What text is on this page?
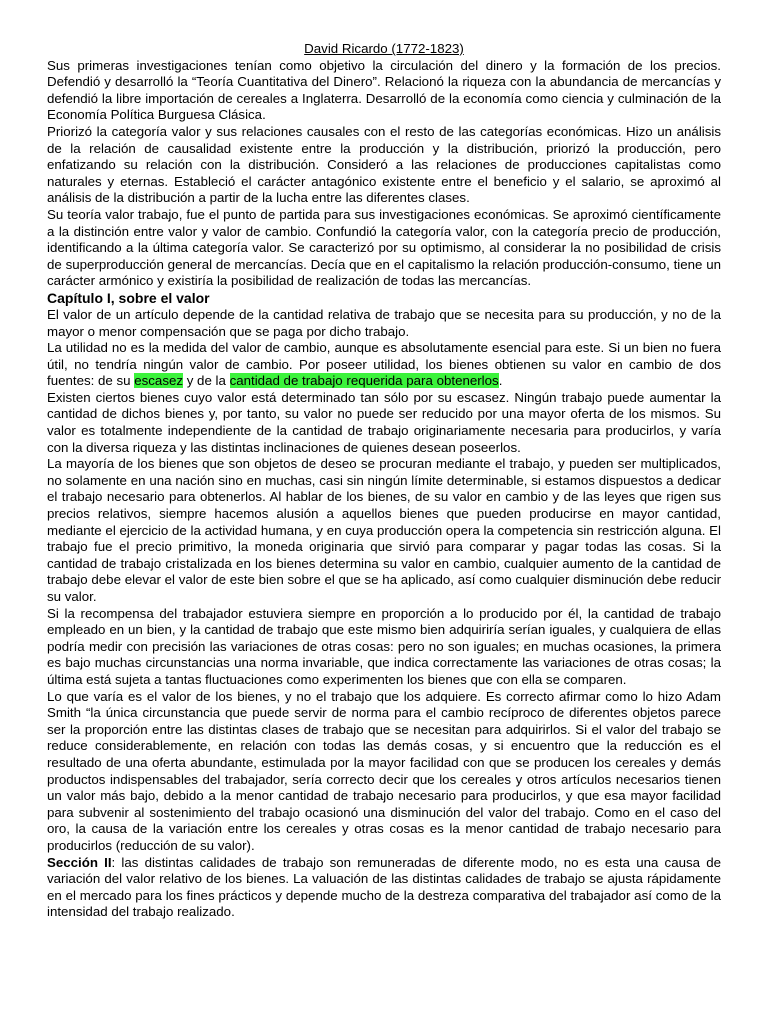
David Ricardo (1772-1823)

Sus primeras investigaciones tenían como objetivo la circulación del dinero y la formación de los precios. Defendió y desarrolló la “Teoría Cuantitativa del Dinero”. Relacionó la riqueza con la abundancia de mercancías y defendió la libre importación de cereales a Inglaterra. Desarrolló de la economía como ciencia y culminación de la Economía Política Burguesa Clásica.

Priorizó la categoría valor y sus relaciones causales con el resto de las categorías económicas. Hizo un análisis de la relación de causalidad existente entre la producción y la distribución, priorizó la producción, pero enfatizando su relación con la distribución. Consideró a las relaciones de producciones capitalistas como naturales y eternas. Estableció el carácter antagónico existente entre el beneficio y el salario, se aproximó al análisis de la distribución a partir de la lucha entre las diferentes clases.

Su teoría valor trabajo, fue el punto de partida para sus investigaciones económicas. Se aproximó científicamente a la distinción entre valor y valor de cambio. Confundió la categoría valor, con la categoría precio de producción, identificando a la última categoría valor. Se caracterizó por su optimismo, al considerar la no posibilidad de crisis de superproducción general de mercancías. Decía que en el capitalismo la relación producción-consumo, tiene un carácter armónico y existiría la posibilidad de realización de todas las mercancías.

Capítulo I, sobre el valor

El valor de un artículo depende de la cantidad relativa de trabajo que se necesita para su producción, y no de la mayor o menor compensación que se paga por dicho trabajo.

La utilidad no es la medida del valor de cambio, aunque es absolutamente esencial para este. Si un bien no fuera útil, no tendría ningún valor de cambio. Por poseer utilidad, los bienes obtienen su valor en cambio de dos fuentes: de su escasez y de la cantidad de trabajo requerida para obtenerlos.

Existen ciertos bienes cuyo valor está determinado tan sólo por su escasez. Ningún trabajo puede aumentar la cantidad de dichos bienes y, por tanto, su valor no puede ser reducido por una mayor oferta de los mismos. Su valor es totalmente independiente de la cantidad de trabajo originariamente necesaria para producirlos, y varía con la diversa riqueza y las distintas inclinaciones de quienes desean poseerlos.

La mayoría de los bienes que son objetos de deseo se procuran mediante el trabajo, y pueden ser multiplicados, no solamente en una nación sino en muchas, casi sin ningún límite determinable, si estamos dispuestos a dedicar el trabajo necesario para obtenerlos. Al hablar de los bienes, de su valor en cambio y de las leyes que rigen sus precios relativos, siempre hacemos alusión a aquellos bienes que pueden producirse en mayor cantidad, mediante el ejercicio de la actividad humana, y en cuya producción opera la competencia sin restricción alguna. El trabajo fue el precio primitivo, la moneda originaria que sirvió para comparar y pagar todas las cosas. Si la cantidad de trabajo cristalizada en los bienes determina su valor en cambio, cualquier aumento de la cantidad de trabajo debe elevar el valor de este bien sobre el que se ha aplicado, así como cualquier disminución debe reducir su valor.

Si la recompensa del trabajador estuviera siempre en proporción a lo producido por él, la cantidad de trabajo empleado en un bien, y la cantidad de trabajo que este mismo bien adquiriría serían iguales, y cualquiera de ellas podría medir con precisión las variaciones de otras cosas: pero no son iguales; en muchas ocasiones, la primera es bajo muchas circunstancias una norma invariable, que indica correctamente las variaciones de otras cosas; la última está sujeta a tantas fluctuaciones como experimenten los bienes que con ella se comparen.

Lo que varía es el valor de los bienes, y no el trabajo que los adquiere. Es correcto afirmar como lo hizo Adam Smith “la única circunstancia que puede servir de norma para el cambio recíproco de diferentes objetos parece ser la proporción entre las distintas clases de trabajo que se necesitan para adquirirlos. Si el valor del trabajo se reduce considerablemente, en relación con todas las demás cosas, y si encuentro que la reducción es el resultado de una oferta abundante, estimulada por la mayor facilidad con que se producen los cereales y demás productos indispensables del trabajador, sería correcto decir que los cereales y otros artículos necesarios tienen un valor más bajo, debido a la menor cantidad de trabajo necesario para producirlos, y que esa mayor facilidad para subvenir al sostenimiento del trabajo ocasionó una disminución del valor del trabajo. Como en el caso del oro, la causa de la variación entre los cereales y otras cosas es la menor cantidad de trabajo necesario para producirlos (reducción de su valor).

Sección II: las distintas calidades de trabajo son remuneradas de diferente modo, no es esta una causa de variación del valor relativo de los bienes. La valuación de las distintas calidades de trabajo se ajusta rápidamente en el mercado para los fines prácticos y depende mucho de la destreza comparativa del trabajador así como de la intensidad del trabajo realizado.
